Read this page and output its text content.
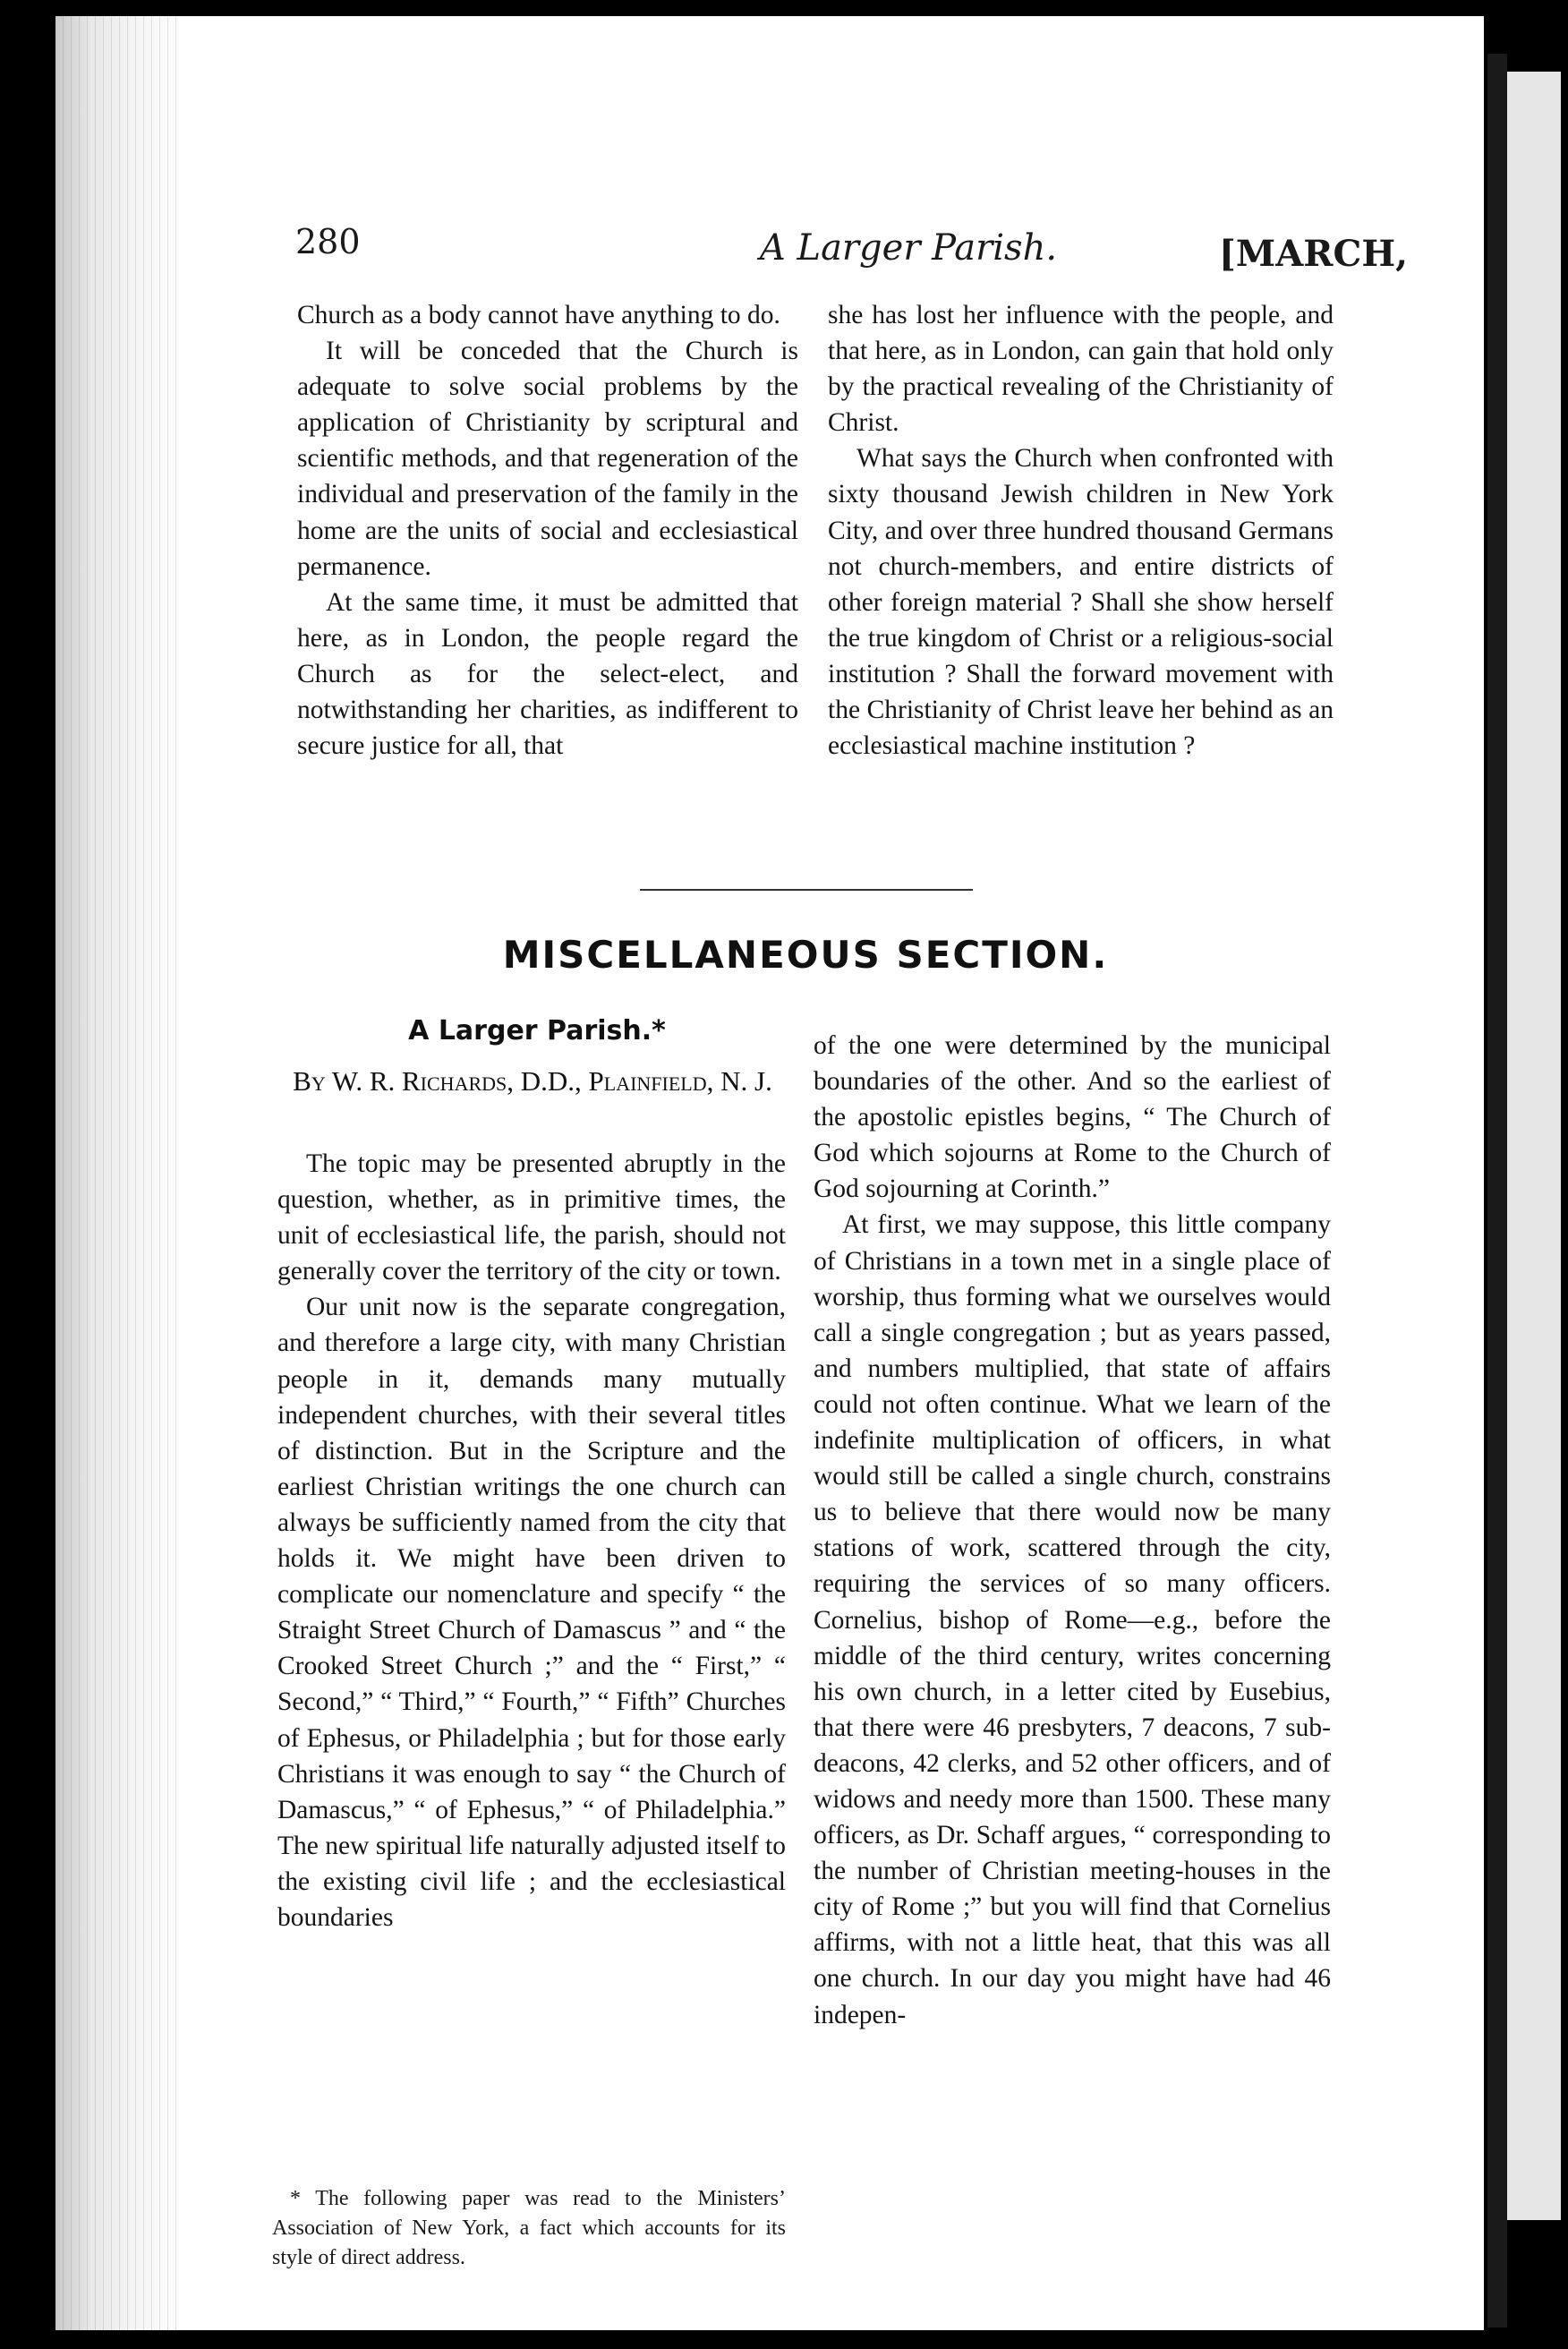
280	A Larger Parish.	[MARCH,

Church as a body cannot have anything to do.

It will be conceded that the Church is adequate to solve social problems by the application of Christianity by scriptural and scientific methods, and that regeneration of the individual and preservation of the family in the home are the units of social and ecclesiastical permanence.

At the same time, it must be admitted that here, as in London, the people regard the Church as for the select-elect, and notwithstanding her charities, as indifferent to secure justice for all, that

she has lost her influence with the people, and that here, as in London, can gain that hold only by the practical revealing of the Christianity of Christ.

What says the Church when confronted with sixty thousand Jewish children in New York City, and over three hundred thousand Germans not church-members, and entire districts of other foreign material ? Shall she show herself the true kingdom of Christ or a religious-social institution ? Shall the forward movement with the Christianity of Christ leave her behind as an ecclesiastical machine institution ?

MISCELLANEOUS SECTION.
A Larger Parish.*
By W. R. Richards, D.D., Plainfield, N. J.

The topic may be presented abruptly in the question, whether, as in primitive times, the unit of ecclesiastical life, the parish, should not generally cover the territory of the city or town.

Our unit now is the separate congregation, and therefore a large city, with many Christian people in it, demands many mutually independent churches, with their several titles of distinction. But in the Scripture and the earliest Christian writings the one church can always be sufficiently named from the city that holds it. We might have been driven to complicate our nomenclature and specify “ the Straight Street Church of Damascus ” and “ the Crooked Street Church ;” and the “ First,” “ Second,” “ Third,” “ Fourth,” “ Fifth” Churches of Ephesus, or Philadelphia ; but for those early Christians it was enough to say “ the Church of Damascus,” “ of Ephesus,” “ of Philadelphia.” The new spiritual life naturally adjusted itself to the existing civil life ; and the ecclesiastical boundaries

of the one were determined by the municipal boundaries of the other. And so the earliest of the apostolic epistles begins, “ The Church of God which sojourns at Rome to the Church of God sojourning at Corinth.”

At first, we may suppose, this little company of Christians in a town met in a single place of worship, thus forming what we ourselves would call a single congregation ; but as years passed, and numbers multiplied, that state of affairs could not often continue. What we learn of the indefinite multiplication of officers, in what would still be called a single church, constrains us to believe that there would now be many stations of work, scattered through the city, requiring the services of so many officers. Cornelius, bishop of Rome—e.g., before the middle of the third century, writes concerning his own church, in a letter cited by Eusebius, that there were 46 presbyters, 7 deacons, 7 sub-deacons, 42 clerks, and 52 other officers, and of widows and needy more than 1500. These many officers, as Dr. Schaff argues, “ corresponding to the number of Christian meeting-houses in the city of Rome ;” but you will find that Cornelius affirms, with not a little heat, that this was all one church. In our day you might have had 46 indepen-

* The following paper was read to the Ministers’ Association of New York, a fact which accounts for its style of direct address.
